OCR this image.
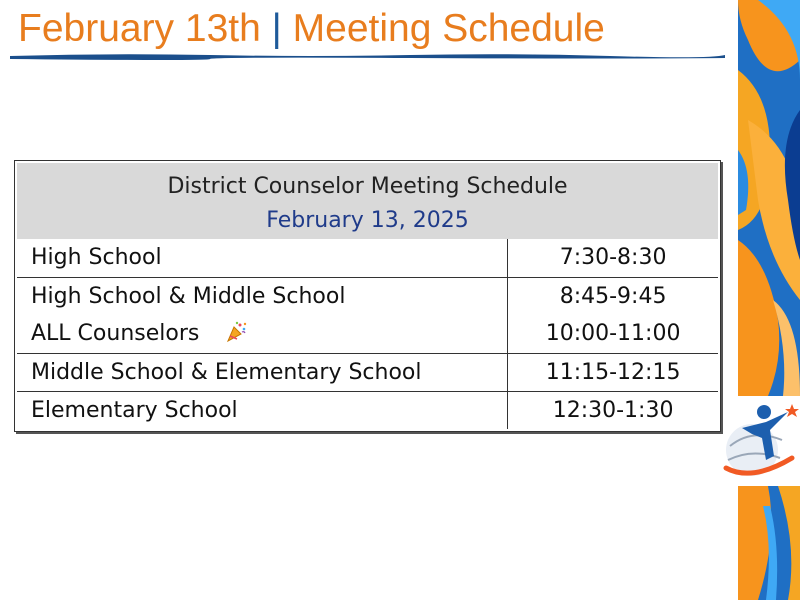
February 13th | Meeting Schedule
District Counselor Meeting Schedule
February 13, 2025	

High School	7:30-8:30
High School & Middle School	8:45-9:45
ALL Counselors	10:00-11:00
Middle School & Elementary School	11:15-12:15
Elementary School	12:30-1:30
